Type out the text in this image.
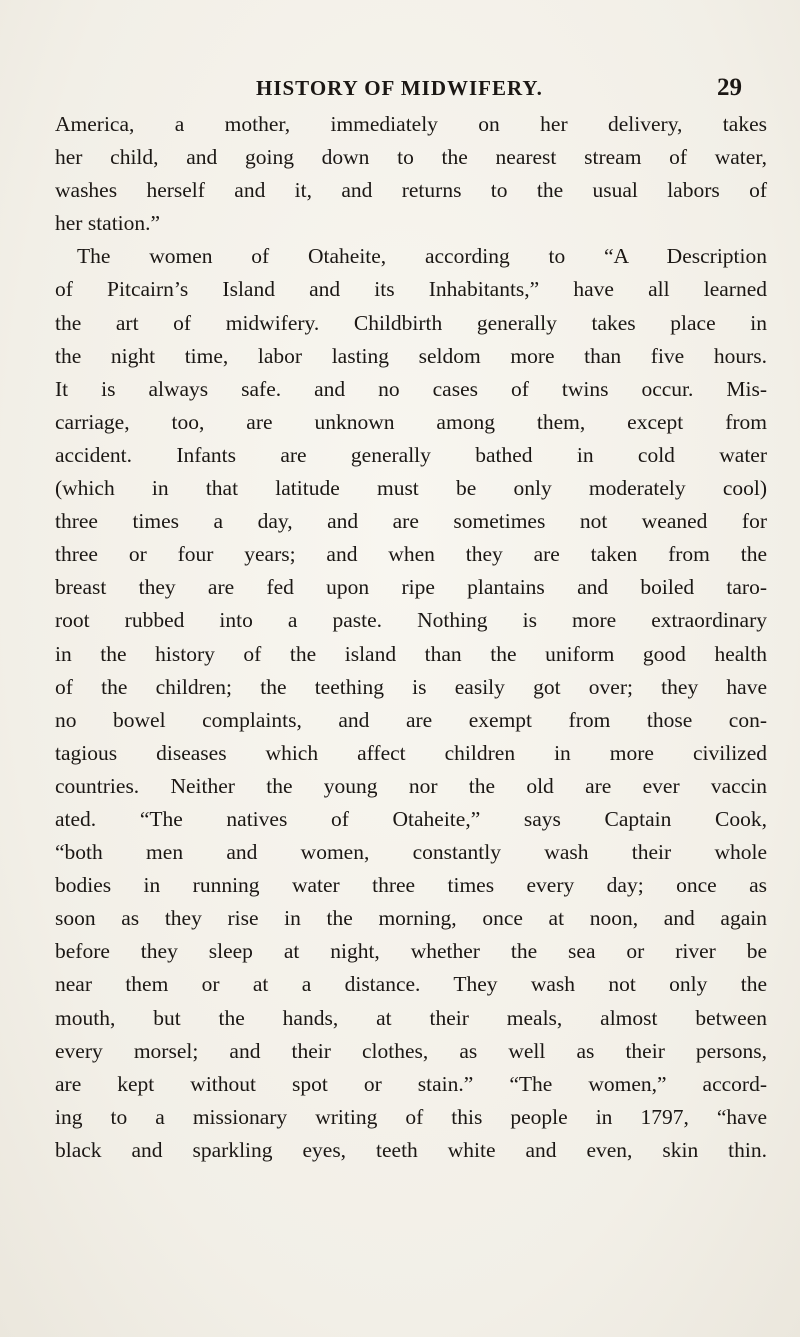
HISTORY OF MIDWIFERY.	29
America, a mother, immediately on her delivery, takes
her child, and going down to the nearest stream of water,
washes herself and it, and returns to the usual labors of
her station.”
The women of Otaheite, according to “A Description
of Pitcairn’s Island and its Inhabitants,” have all learned
the art of midwifery. Childbirth generally takes place in
the night time, labor lasting seldom more than five hours.
It is always safe. and no cases of twins occur. Mis-
carriage, too, are unknown among them, except from
accident. Infants are generally bathed in cold water
(which in that latitude must be only moderately cool)
three times a day, and are sometimes not weaned for
three or four years; and when they are taken from the
breast they are fed upon ripe plantains and boiled taro-
root rubbed into a paste. Nothing is more extraordinary
in the history of the island than the uniform good health
of the children; the teething is easily got over; they have
no bowel complaints, and are exempt from those con-
tagious diseases which affect children in more civilized
countries. Neither the young nor the old are ever vaccin
ated. “The natives of Otaheite,” says Captain Cook,
“both men and women, constantly wash their whole
bodies in running water three times every day; once as
soon as they rise in the morning, once at noon, and again
before they sleep at night, whether the sea or river be
near them or at a distance. They wash not only the
mouth, but the hands, at their meals, almost between
every morsel; and their clothes, as well as their persons,
are kept without spot or stain.” “The women,” accord-
ing to a missionary writing of this people in 1797, “have
black and sparkling eyes, teeth white and even, skin thin.
